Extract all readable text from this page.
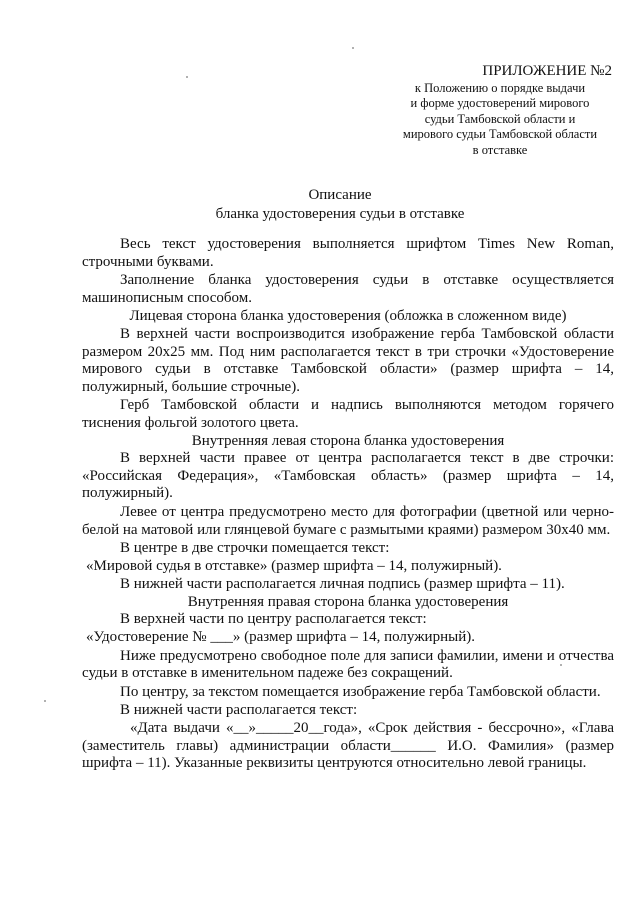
ПРИЛОЖЕНИЕ №2
к Положению о порядке выдачи
и форме удостоверений мирового
судьи Тамбовской области и
мирового судьи Тамбовской области
в отставке
Описание
бланка удостоверения судьи в отставке

Весь текст удостоверения выполняется шрифтом Times New Roman, строчными буквами.

Заполнение бланка удостоверения судьи в отставке осуществляется машинописным способом.

Лицевая сторона бланка удостоверения (обложка в сложенном виде)

В верхней части воспроизводится изображение герба Тамбовской области размером 20x25 мм. Под ним располагается текст в три строчки «Удостоверение мирового судьи в отставке Тамбовской области» (размер шрифта – 14, полужирный, большие строчные).

Герб Тамбовской области и надпись выполняются методом горячего тиснения фольгой золотого цвета.

Внутренняя левая сторона бланка удостоверения

В верхней части правее от центра располагается текст в две строчки: «Российская Федерация», «Тамбовская область» (размер шрифта – 14, полужирный).

Левее от центра предусмотрено место для фотографии (цветной или черно-белой на матовой или глянцевой бумаге с размытыми краями) размером 30x40 мм.

В центре в две строчки помещается текст:

«Мировой судья в отставке» (размер шрифта – 14, полужирный).

В нижней части располагается личная подпись (размер шрифта – 11).

Внутренняя правая сторона бланка удостоверения

В верхней части по центру располагается текст:

«Удостоверение № ___» (размер шрифта – 14, полужирный).

Ниже предусмотрено свободное поле для записи фамилии, имени и отчества судьи в отставке в именительном падеже без сокращений.

По центру, за текстом помещается изображение герба Тамбовской области.

В нижней части располагается текст:

«Дата выдачи «__»_____20__года», «Срок действия - бессрочно», «Глава (заместитель главы) администрации области______ И.О. Фамилия» (размер шрифта – 11). Указанные реквизиты центруются относительно левой границы.
